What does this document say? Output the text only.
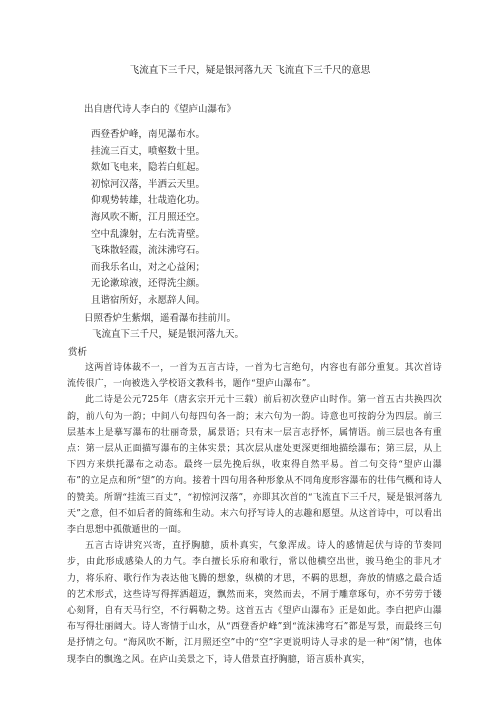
飞流直下三千尺，疑是银河落九天 飞流直下三千尺的意思
出自唐代诗人李白的《望庐山瀑布》
西登香炉峰，南见瀑布水。
挂流三百丈，喷壑数十里。
欻如飞电来，隐若白虹起。
初惊河汉落，半洒云天里。
仰观势转雄，壮哉造化功。
海风吹不断，江月照还空。
空中乱潨射，左右洗青壁。
飞珠散轻霞，流沫沸穹石。
而我乐名山，对之心益闲；
无论漱琼液，还得洗尘颜。
且谐宿所好，永愿辞人间。
日照香炉生紫烟，遥看瀑布挂前川。
飞流直下三千尺，疑是银河落九天。
赏析

这两首诗体裁不一，一首为五言古诗，一首为七言绝句，内容也有部分重复。其次首诗流传很广，一向被选入学校语文教科书，题作“望庐山瀑布”。

此二诗是公元725年（唐玄宗开元十三载）前后初次登庐山时作。第一首五古共换四次韵，前八句为一韵；中间八句每四句各一韵；末六句为一韵。诗意也可按韵分为四层。前三层基本上是摹写瀑布的壮丽奇景，属景语；只有末一层言志抒怀，属情语。前三层也各有重点：第一层从正面描写瀑布的主体实景；其次层从虚处更深更细地描绘瀑布；第三层，从上下四方来烘托瀑布之动态。最终一层先挽后纵，收束得自然平易。首二句交待“望庐山瀑布”的立足点和所“望”的方向。接着十四句用各种形象从不同角度形容瀑布的壮伟气概和诗人的赞美。所谓“挂流三百丈”，“初惊河汉落”，亦即其次首的“飞流直下三千尺，疑是银河落九天”之意，但不如后者的简练和生动。末六句抒写诗人的志趣和愿望。从这首诗中，可以看出李白思想中孤傲遁世的一面。

五言古诗讲究兴寄，直抒胸臆，质朴真实，气象浑成。诗人的感情起伏与诗的节奏同步，由此形成感染人的力气。李白擅长乐府和歌行，常以他横空出世，骏马绝尘的非凡才力，将乐府、歌行作为表达他飞腾的想象，纵横的才思，不羁的思想，奔放的情感之最合适的艺术形式，这些诗写得挥洒超迈，飘然而来，突然而去，不屑于雕章琢句，亦不劳劳于镂心刻肾，自有天马行空，不行羁勒之势。这首五古《望庐山瀑布》正是如此。李白把庐山瀑布写得壮丽阔大。诗人寄情于山水，从“西登香炉峰”到“流沫沸穹石”都是写景，而最终三句是抒情之句。“海风吹不断，江月照还空”中的“空”字更说明诗人寻求的是一种“闲”情，也体现李白的飘逸之风。在庐山美景之下，诗人借景直抒胸臆，语言质朴真实，
